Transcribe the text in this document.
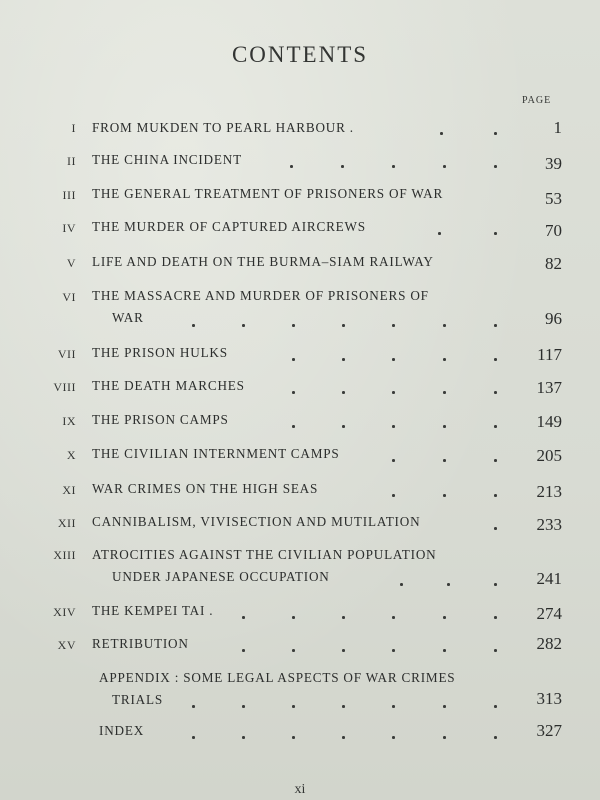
CONTENTS
PAGE
I FROM MUKDEN TO PEARL HARBOUR .	1
II THE CHINA INCIDENT	39
III THE GENERAL TREATMENT OF PRISONERS OF WAR	53
IV THE MURDER OF CAPTURED AIRCREWS	70
V LIFE AND DEATH ON THE BURMA–SIAM RAILWAY	82
VI THE MASSACRE AND MURDER OF PRISONERS OF
WAR	96
VII THE PRISON HULKS	117
VIII THE DEATH MARCHES	137
IX THE PRISON CAMPS	149
X THE CIVILIAN INTERNMENT CAMPS	205
XI WAR CRIMES ON THE HIGH SEAS	213
XII CANNIBALISM, VIVISECTION AND MUTILATION	233
XIII ATROCITIES AGAINST THE CIVILIAN POPULATION
UNDER JAPANESE OCCUPATION	241
XIV THE KEMPEI TAI .	274
XV RETRIBUTION	282
APPENDIX : SOME LEGAL ASPECTS OF WAR CRIMES
TRIALS	313
INDEX	327
xi
